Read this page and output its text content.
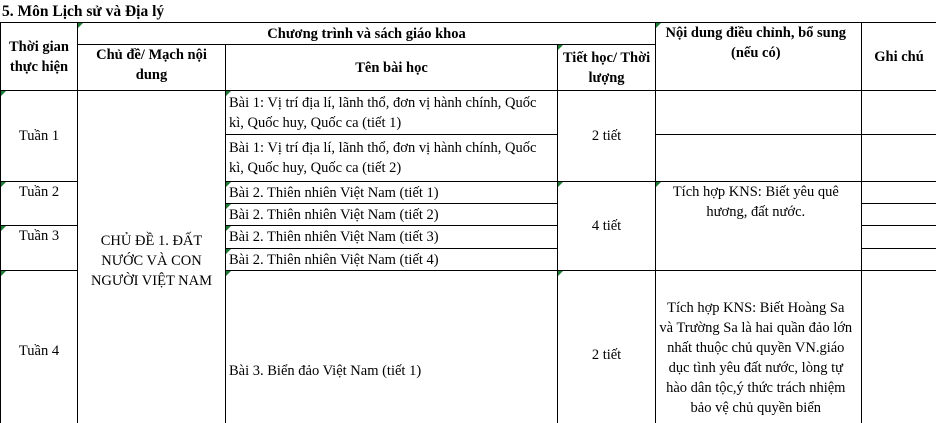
5. Môn Lịch sử và Địa lý
Thời gian thực hiện	Chương trình và sách giáo khoa			Nội dung điều chỉnh, bổ sung (nếu có)		Ghi chú
	Chủ đề/ Mạch nội dung	Tên bài học	Tiết học/ Thời lượng			
Tuần 1	CHỦ ĐỀ 1. ĐẤT NƯỚC VÀ CON NGƯỜI VIỆT NAM	Bài 1: Vị trí địa lí, lãnh thổ, đơn vị hành chính, Quốc kì, Quốc huy, Quốc ca (tiết 1)	2 tiết			
		Bài 1: Vị trí địa lí, lãnh thổ, đơn vị hành chính, Quốc kì, Quốc huy, Quốc ca (tiết 2)				
Tuần 2		Bài 2. Thiên nhiên Việt Nam (tiết 1)	4 tiết	Tích hợp KNS: Biết yêu quê hương, đất nước.		
		Bài 2. Thiên nhiên Việt Nam (tiết 2)				
Tuần 3		Bài 2. Thiên nhiên Việt Nam (tiết 3)				
		Bài 2. Thiên nhiên Việt Nam (tiết 4)				
Tuần 4		Bài 3. Biển đảo Việt Nam (tiết 1)	2 tiết	Tích hợp KNS: Biết Hoàng Sa và Trường Sa là hai quần đảo lớn nhất thuộc chủ quyền VN.giáo dục tình yêu đất nước, lòng tự hào dân tộc,ý thức trách nhiệm bảo vệ chủ quyền biển		
